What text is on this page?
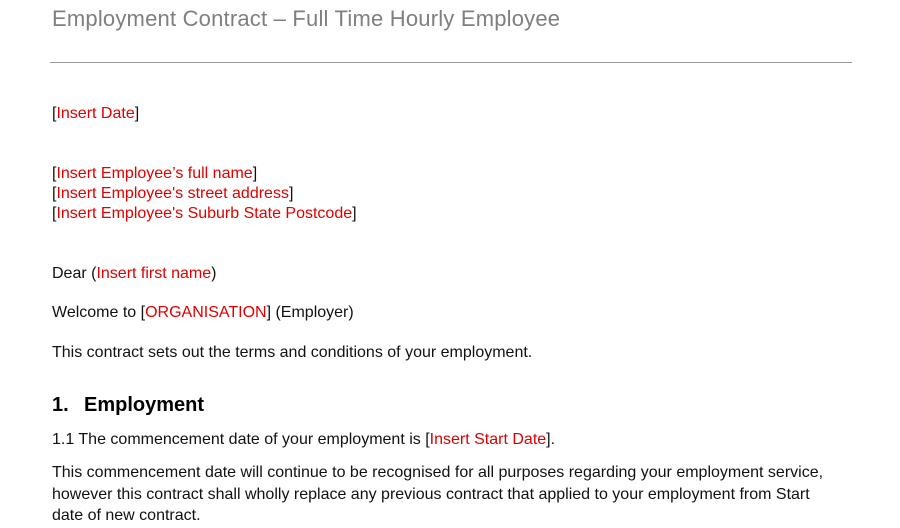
Employment Contract – Full Time Hourly Employee
[Insert Date]
[Insert Employee’s full name]
[Insert Employee's street address]
[Insert Employee's Suburb State Postcode]
Dear (Insert first name)
Welcome to [ORGANISATION] (Employer)
This contract sets out the terms and conditions of your employment.
1. Employment
1.1 The commencement date of your employment is [Insert Start Date].
This commencement date will continue to be recognised for all purposes regarding your employment service, however this contract shall wholly replace any previous contract that applied to your employment from Start date of new contract.
